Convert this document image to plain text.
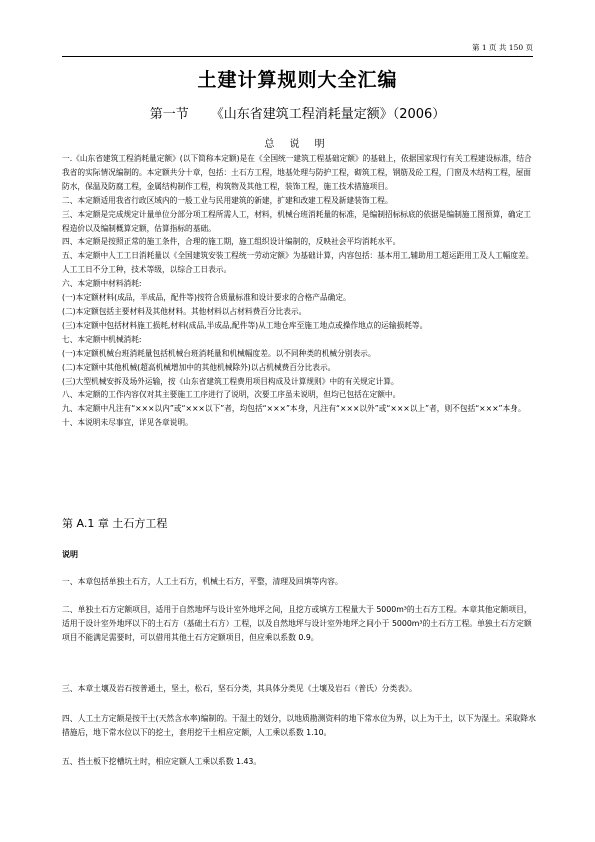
第 1 页 共 150 页
土建计算规则大全汇编
第一节 《山东省建筑工程消耗量定额》（2006）
总 说 明

一.《山东省建筑工程消耗量定额》(以下简称本定额)是在《全国统一建筑工程基础定额》的基础上，依据国家现行有关工程建设标准，结合我省的实际情况编制的。本定额共分十章，包括：土石方工程，地基处理与防护工程，砌筑工程，钢筋及砼工程，门窗及木结构工程，屋面防水，保温及防腐工程，金属结构制作工程，构筑物及其他工程，装饰工程，施工技术措施项目。

二、本定额适用我省行政区域内的一般工业与民用建筑的新建，扩建和改建工程及新建装饰工程。

三、本定额是完成规定计量单位分部分项工程所需人工，材料，机械台班消耗量的标准，是编制招标标底的依据是编制施工图预算，确定工程造价以及编制概算定额，估算指标的基础。

四、本定额是按照正常的施工条件，合理的施工期，施工组织设计编制的，反映社会平均消耗水平。

五、本定额中人工工日消耗量以《全国建筑安装工程统一劳动定额》为基础计算，内容包括：基本用工,辅助用工超运距用工及人工幅度差。人工工日不分工种，技术等级，以综合工日表示。

六、本定额中材料消耗:

(一)本定额材料(成品，半成品，配件等)按符合质量标准和设计要求的合格产品确定。

(二)本定额包括主要材料及其他材料。其他材料以占材料费百分比表示。

(三)本定额中包括材料施工损耗,材料(成品,半成品,配件等)从工地仓库至施工地点或操作地点的运输损耗等。

七、本定额中机械消耗:

(一)本定额机械台班消耗量包括机械台班消耗量和机械幅度差。以不同种类的机械分别表示。

(二)本定额中其他机械(超高机械增加中的其他机械除外)以占机械费百分比表示。

(三)大型机械安拆及场外运输，按《山东省建筑工程费用项目构成及计算规则》中的有关规定计算。

八、本定额的工作内容仅对其主要施工工序进行了说明，次要工序虽未说明，但均已包括在定额中。

九、本定额中凡注有“×××以内”或“×××以下”者，均包括“×××”本身，凡注有“×××以外”或“×××以上”者，则不包括“×××”本身。

十、本说明未尽事宜，详见各章说明。

第 A.1 章 土石方工程
说明
一、本章包括单独土石方，人工土石方，机械土石方，平整，清理及回填等内容。
二、单独土石方定额项目，适用于自然地坪与设计室外地坪之间，且挖方或填方工程量大于 5000m³的土石方工程。本章其他定额项目，适用于设计室外地坪以下的土石方（基础土石方）工程，以及自然地坪与设计室外地坪之间小于 5000m³的土石方工程。单独土石方定额项目不能满足需要时，可以借用其他土石方定额项目，但应乘以系数 0.9。
三、本章土壤及岩石按普通土，坚土，松石，坚石分类，其具体分类见《土壤及岩石（普氏）分类表》。
四、人工土方定额是按干土(天然含水率)编制的。干湿土的划分，以地质勘测资料的地下常水位为界，以上为干土，以下为湿土。采取降水措施后，地下常水位以下的挖土，套用挖干土相应定额，人工乘以系数 1.10。
五、挡土板下挖槽坑土时，相应定额人工乘以系数 1.43。
